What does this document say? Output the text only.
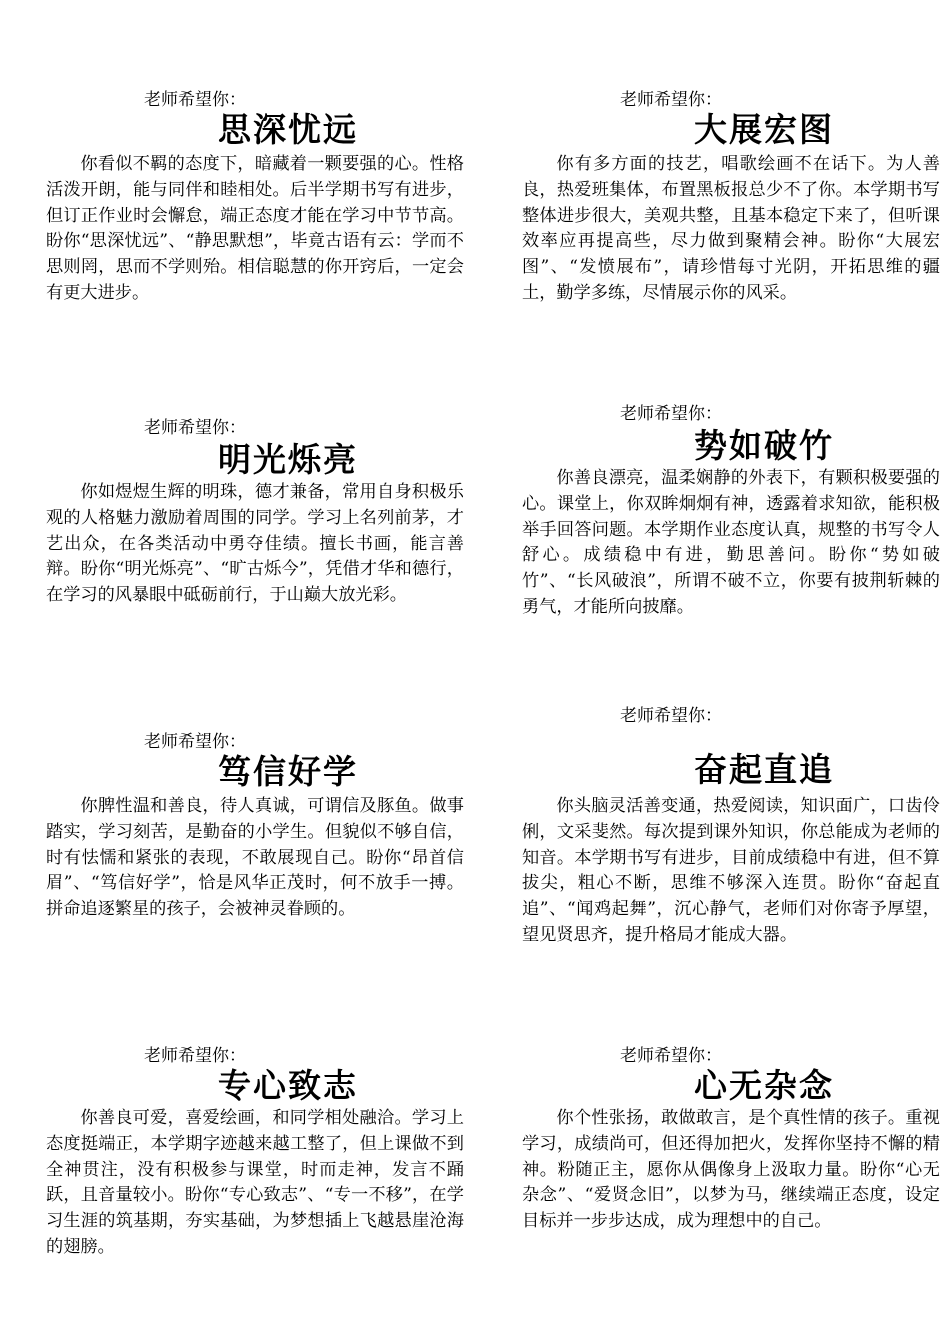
老师希望你：
思深忧远

你看似不羁的态度下，暗藏着一颗要强的心。性格活泼开朗，能与同伴和睦相处。后半学期书写有进步，但订正作业时会懈怠，端正态度才能在学习中节节高。盼你“思深忧远”、“静思默想”，毕竟古语有云：学而不思则罔，思而不学则殆。相信聪慧的你开窍后，一定会有更大进步。

老师希望你：
大展宏图

你有多方面的技艺，唱歌绘画不在话下。为人善良，热爱班集体，布置黑板报总少不了你。本学期书写整体进步很大，美观共整，且基本稳定下来了，但听课效率应再提高些，尽力做到聚精会神。盼你“大展宏图”、“发愤展布”，请珍惜每寸光阴，开拓思维的疆土，勤学多练，尽情展示你的风采。

老师希望你：
明光烁亮

你如煜煜生辉的明珠，德才兼备，常用自身积极乐观的人格魅力激励着周围的同学。学习上名列前茅，才艺出众，在各类活动中勇夺佳绩。擅长书画，能言善辩。盼你“明光烁亮”、“旷古烁今”，凭借才华和德行，在学习的风暴眼中砥砺前行，于山巅大放光彩。

老师希望你：
势如破竹

你善良漂亮，温柔娴静的外表下，有颗积极要强的心。课堂上，你双眸炯炯有神，透露着求知欲，能积极举手回答问题。本学期作业态度认真，规整的书写令人舒心。成绩稳中有进，勤思善问。盼你“势如破竹”、“长风破浪”，所谓不破不立，你要有披荆斩棘的勇气，才能所向披靡。

老师希望你：
笃信好学

你脾性温和善良，待人真诚，可谓信及豚鱼。做事踏实，学习刻苦，是勤奋的小学生。但貌似不够自信，时有怯懦和紧张的表现，不敢展现自己。盼你“昂首信眉”、“笃信好学”，恰是风华正茂时，何不放手一搏。拼命追逐繁星的孩子，会被神灵眷顾的。

老师希望你：
奋起直追

你头脑灵活善变通，热爱阅读，知识面广，口齿伶俐，文采斐然。每次提到课外知识，你总能成为老师的知音。本学期书写有进步，目前成绩稳中有进，但不算拔尖，粗心不断，思维不够深入连贯。盼你“奋起直追”、“闻鸡起舞”，沉心静气，老师们对你寄予厚望，望见贤思齐，提升格局才能成大器。

老师希望你：
专心致志

你善良可爱，喜爱绘画，和同学相处融洽。学习上态度挺端正，本学期字迹越来越工整了，但上课做不到全神贯注，没有积极参与课堂，时而走神，发言不踊跃，且音量较小。盼你“专心致志”、“专一不移”，在学习生涯的筑基期，夯实基础，为梦想插上飞越悬崖沧海的翅膀。

老师希望你：
心无杂念

你个性张扬，敢做敢言，是个真性情的孩子。重视学习，成绩尚可，但还得加把火，发挥你坚持不懈的精神。粉随正主，愿你从偶像身上汲取力量。盼你“心无杂念”、“爱贤念旧”，以梦为马，继续端正态度，设定目标并一步步达成，成为理想中的自己。
